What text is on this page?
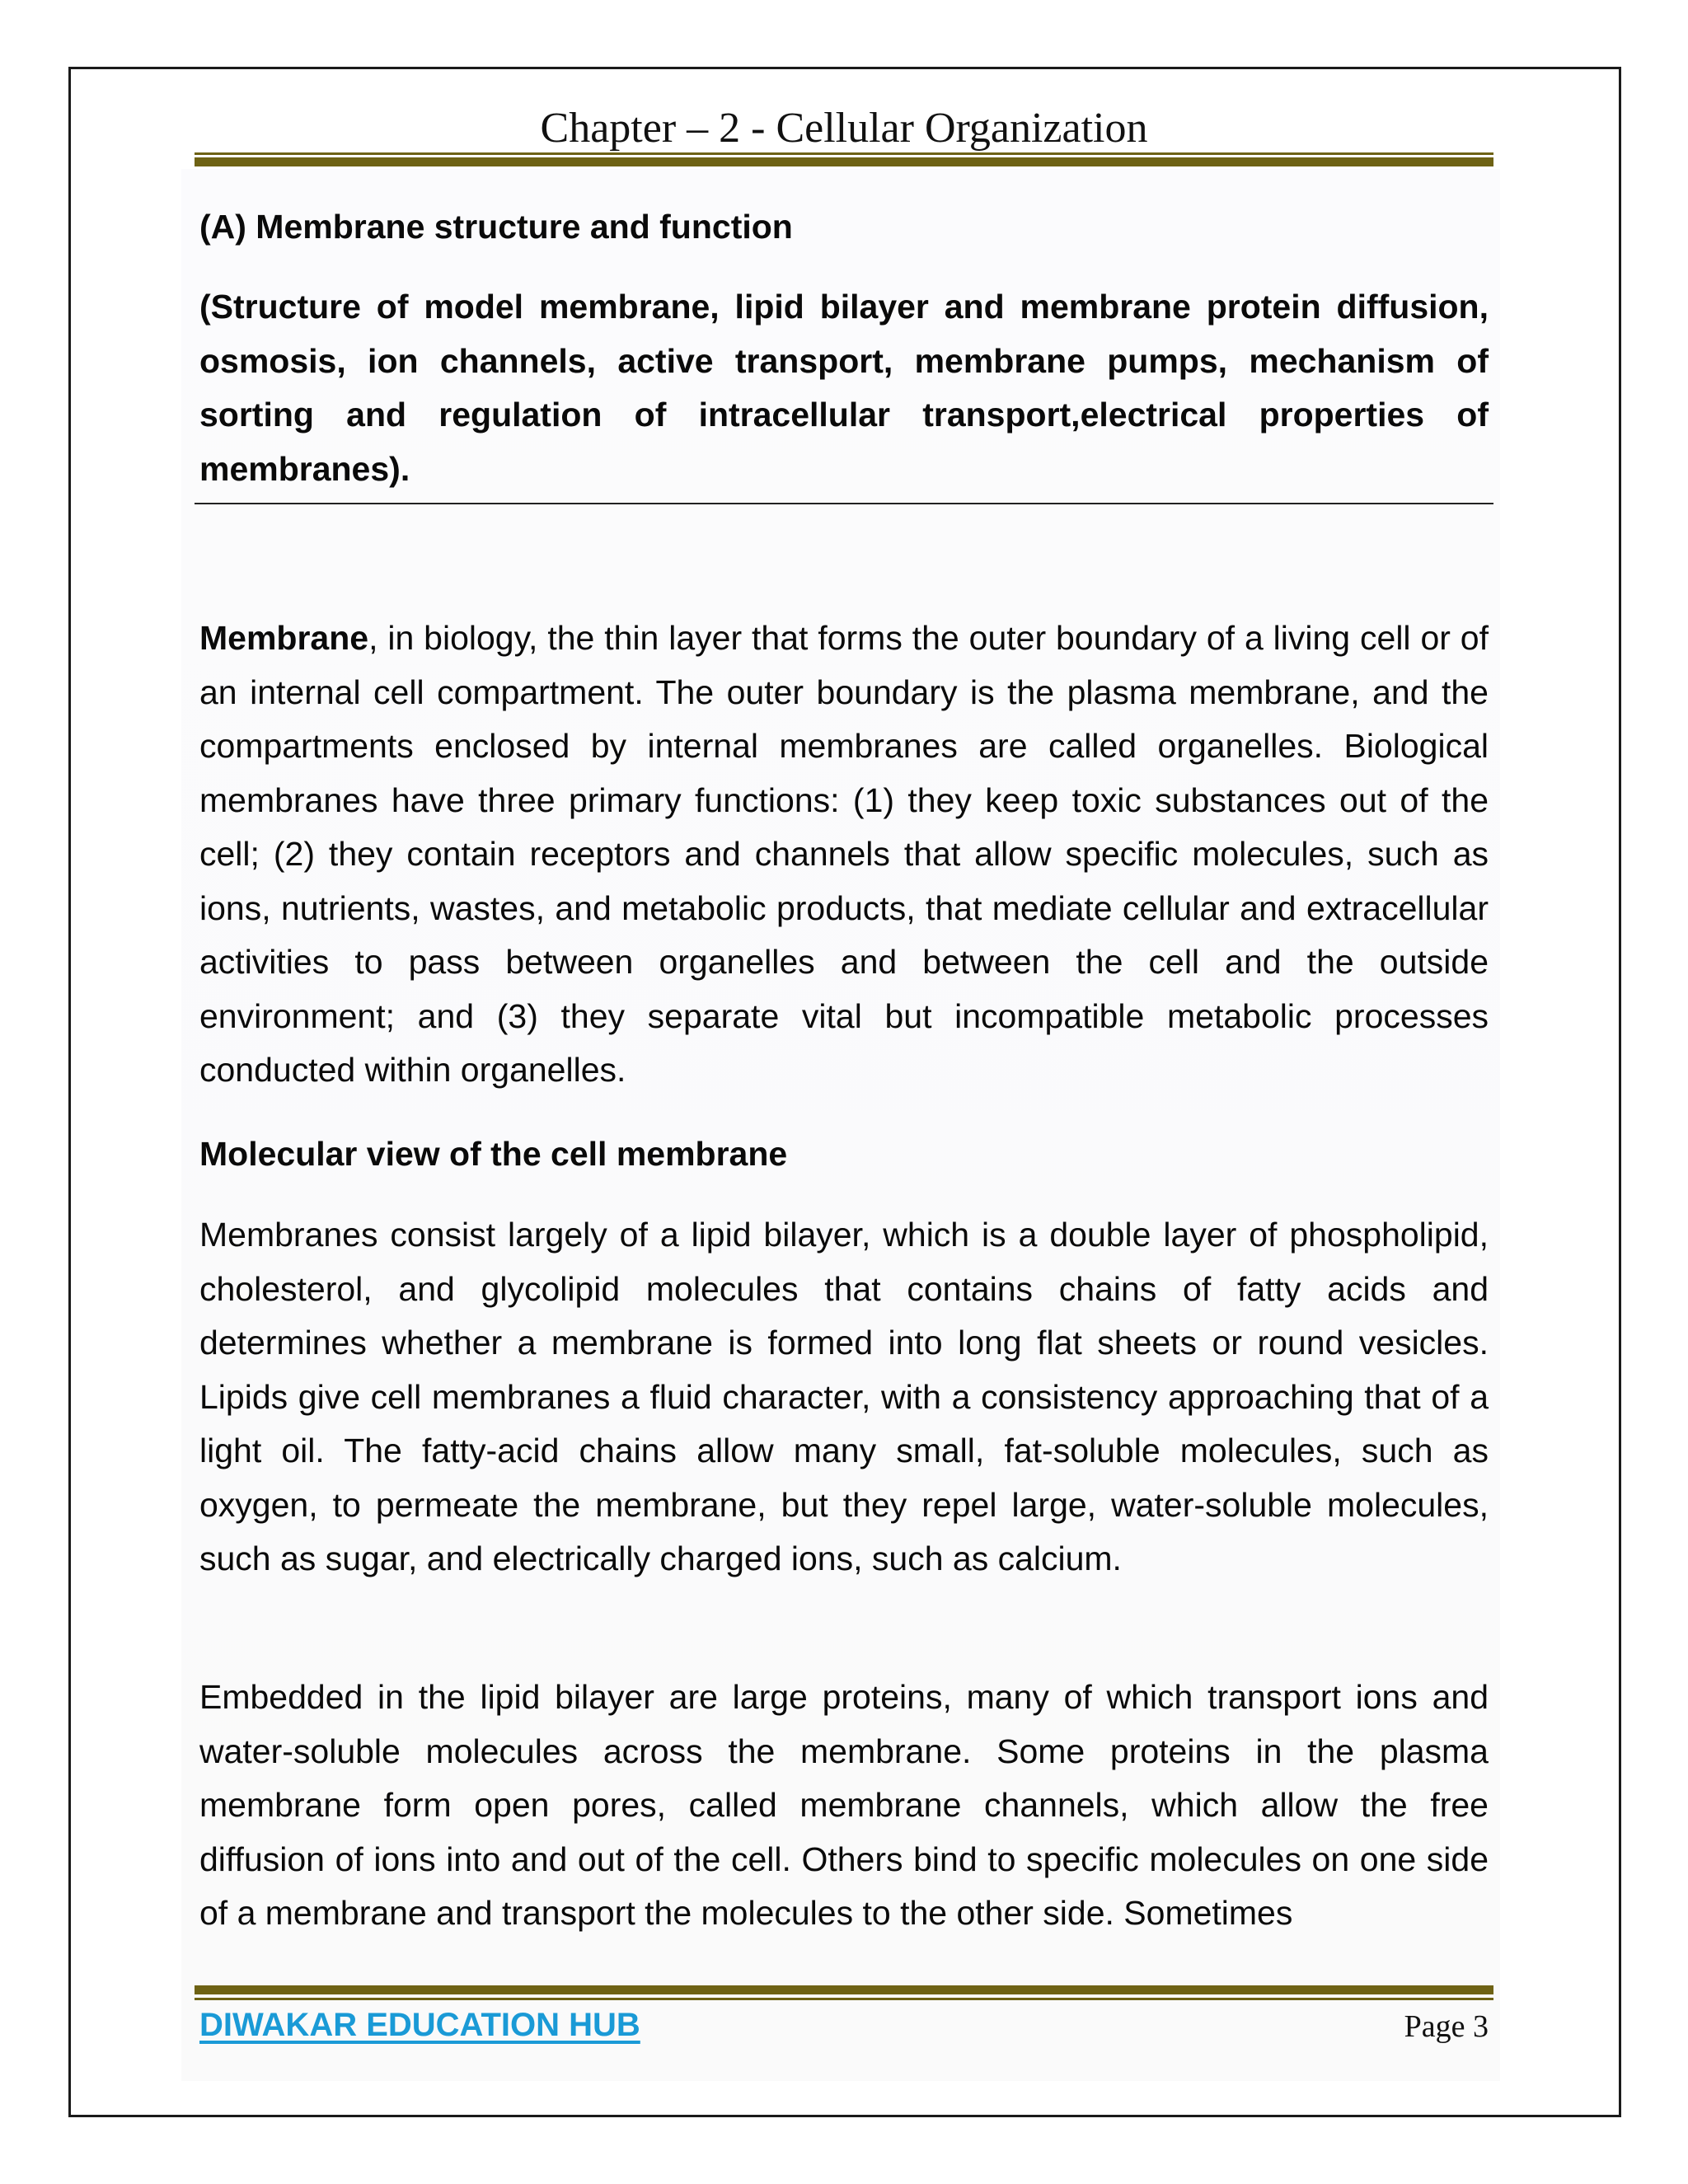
Chapter – 2 - Cellular Organization
(A) Membrane structure and function
(Structure of model membrane, lipid bilayer and membrane protein diffusion, osmosis, ion channels, active transport, membrane pumps, mechanism of sorting and regulation of intracellular transport,electrical properties of membranes).
Membrane, in biology, the thin layer that forms the outer boundary of a living cell or of an internal cell compartment. The outer boundary is the plasma membrane, and the compartments enclosed by internal membranes are called organelles. Biological membranes have three primary functions: (1) they keep toxic substances out of the cell; (2) they contain receptors and channels that allow specific molecules, such as ions, nutrients, wastes, and metabolic products, that mediate cellular and extracellular activities to pass between organelles and between the cell and the outside environment; and (3) they separate vital but incompatible metabolic processes conducted within organelles.
Molecular view of the cell membrane
Membranes consist largely of a lipid bilayer, which is a double layer of phospholipid, cholesterol, and glycolipid molecules that contains chains of fatty acids and determines whether a membrane is formed into long flat sheets or round vesicles. Lipids give cell membranes a fluid character, with a consistency approaching that of a light oil. The fatty-acid chains allow many small, fat-soluble molecules, such as oxygen, to permeate the membrane, but they repel large, water-soluble molecules, such as sugar, and electrically charged ions, such as calcium.
Embedded in the lipid bilayer are large proteins, many of which transport ions and water-soluble molecules across the membrane. Some proteins in the plasma membrane form open pores, called membrane channels, which allow the free diffusion of ions into and out of the cell. Others bind to specific molecules on one side of a membrane and transport the molecules to the other side. Sometimes
DIWAKAR EDUCATION HUB	Page 3
